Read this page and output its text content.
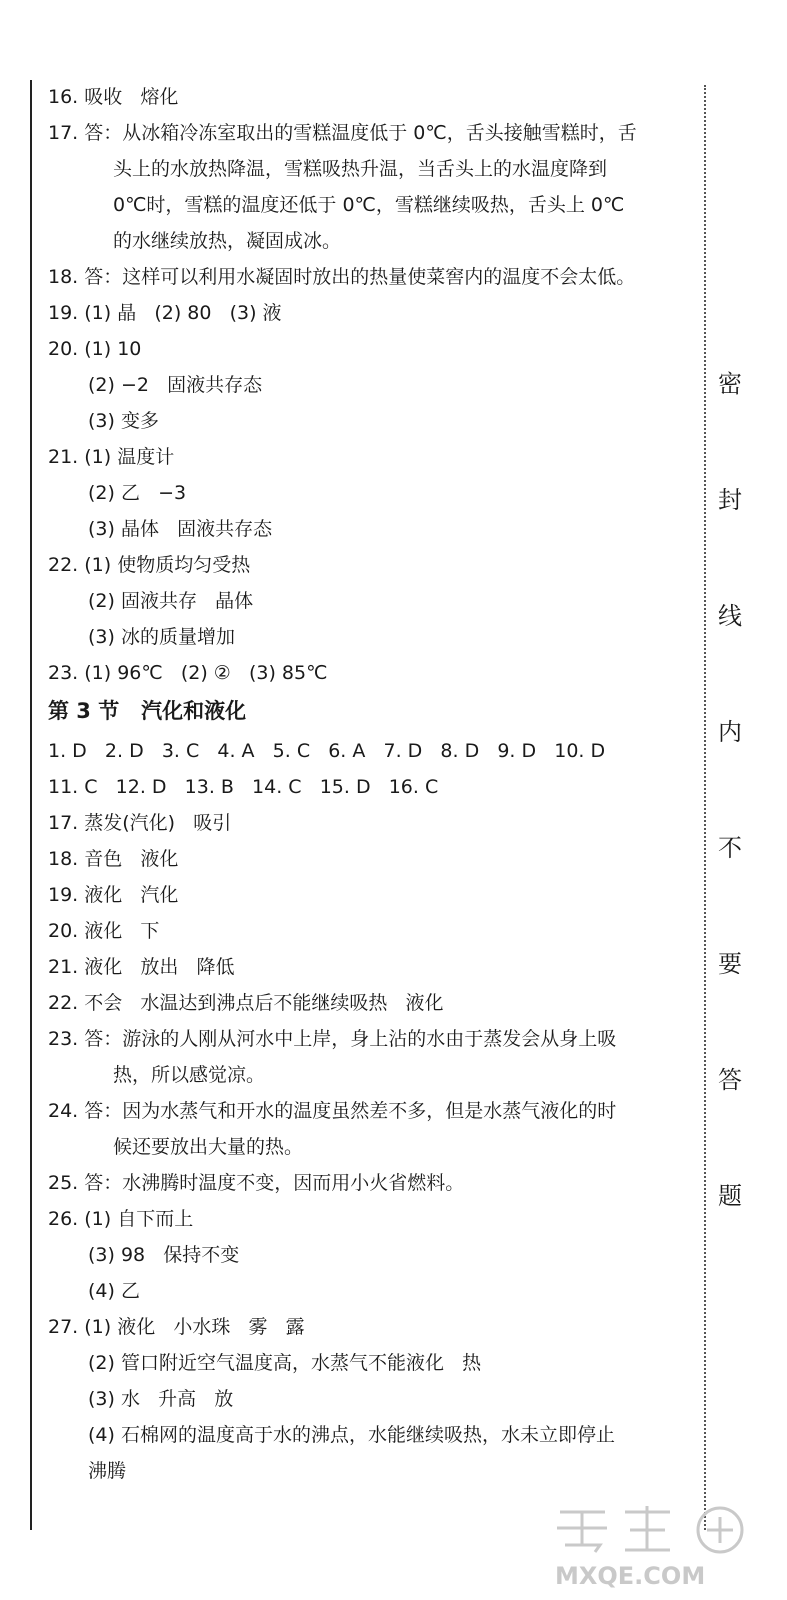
16. 吸收   熔化
17. 答：从冰箱冷冻室取出的雪糕温度低于 0℃，舌头接触雪糕时，舌
头上的水放热降温，雪糕吸热升温，当舌头上的水温度降到
0℃时，雪糕的温度还低于 0℃，雪糕继续吸热，舌头上 0℃
的水继续放热，凝固成冰。
18. 答：这样可以利用水凝固时放出的热量使菜窖内的温度不会太低。
19. (1) 晶   (2) 80   (3) 液
20. (1) 10
(2) −2   固液共存态
(3) 变多
21. (1) 温度计
(2) 乙   −3
(3) 晶体   固液共存态
22. (1) 使物质均匀受热
(2) 固液共存   晶体
(3) 冰的质量增加
23. (1) 96℃   (2) ②   (3) 85℃
第 3 节   汽化和液化
1. D   2. D   3. C   4. A   5. C   6. A   7. D   8. D   9. D   10. D
11. C   12. D   13. B   14. C   15. D   16. C
17. 蒸发(汽化)   吸引
18. 音色   液化
19. 液化   汽化
20. 液化   下
21. 液化   放出   降低
22. 不会   水温达到沸点后不能继续吸热   液化
23. 答：游泳的人刚从河水中上岸，身上沾的水由于蒸发会从身上吸
热，所以感觉凉。
24. 答：因为水蒸气和开水的温度虽然差不多，但是水蒸气液化的时
候还要放出大量的热。
25. 答：水沸腾时温度不变，因而用小火省燃料。
26. (1) 自下而上
(3) 98   保持不变
(4) 乙
27. (1) 液化   小水珠   雾   露
(2) 管口附近空气温度高，水蒸气不能液化   热
(3) 水   升高   放
(4) 石棉网的温度高于水的沸点，水能继续吸热，水未立即停止
沸腾
密
封
线
内
不
要
答
题
MXQE.COM
